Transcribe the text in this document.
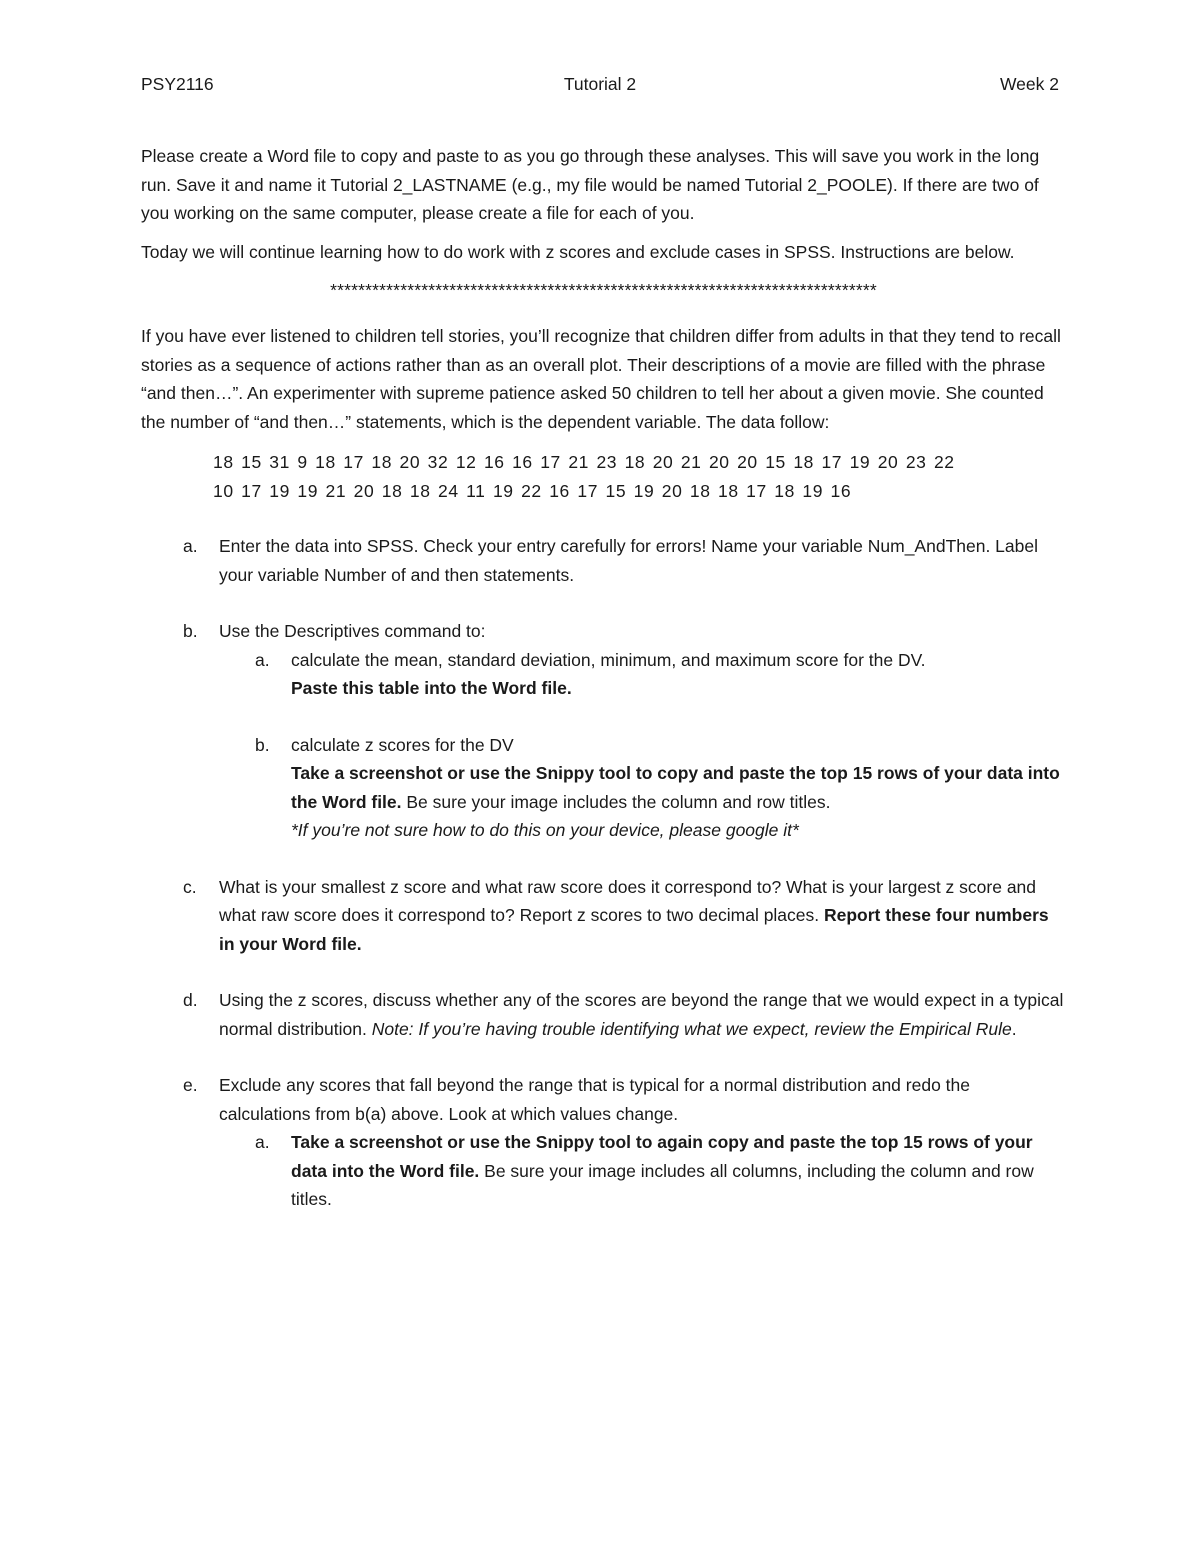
PSY2116	Tutorial 2	Week 2

Please create a Word file to copy and paste to as you go through these analyses. This will save you work in the long run. Save it and name it Tutorial 2_LASTNAME (e.g., my file would be named Tutorial 2_POOLE). If there are two of you working on the same computer, please create a file for each of you.

Today we will continue learning how to do work with z scores and exclude cases in SPSS. Instructions are below.

******************************************************************************

If you have ever listened to children tell stories, you’ll recognize that children differ from adults in that they tend to recall stories as a sequence of actions rather than as an overall plot. Their descriptions of a movie are filled with the phrase “and then…”. An experimenter with supreme patience asked 50 children to tell her about a given movie. She counted the number of “and then…” statements, which is the dependent variable. The data follow:

18 15 31 9 18 17 18 20 32 12 16 16 17 21 23 18 20 21 20 20 15 18 17 19 20 23 22
10 17 19 19 21 20 18 18 24 11 19 22 16 17 15 19 20 18 18 17 18 19 16
a. Enter the data into SPSS. Check your entry carefully for errors! Name your variable Num_AndThen. Label your variable Number of and then statements.
b. Use the Descriptives command to:
a. calculate the mean, standard deviation, minimum, and maximum score for the DV.
Paste this table into the Word file.
b. calculate z scores for the DV
Take a screenshot or use the Snippy tool to copy and paste the top 15 rows of your data into the Word file. Be sure your image includes the column and row titles.
*If you’re not sure how to do this on your device, please google it*
c. What is your smallest z score and what raw score does it correspond to? What is your largest z score and what raw score does it correspond to? Report z scores to two decimal places. Report these four numbers in your Word file.
d. Using the z scores, discuss whether any of the scores are beyond the range that we would expect in a typical normal distribution. Note: If you’re having trouble identifying what we expect, review the Empirical Rule.
e. Exclude any scores that fall beyond the range that is typical for a normal distribution and redo the calculations from b(a) above. Look at which values change.
a. Take a screenshot or use the Snippy tool to again copy and paste the top 15 rows of your data into the Word file. Be sure your image includes all columns, including the column and row titles.
